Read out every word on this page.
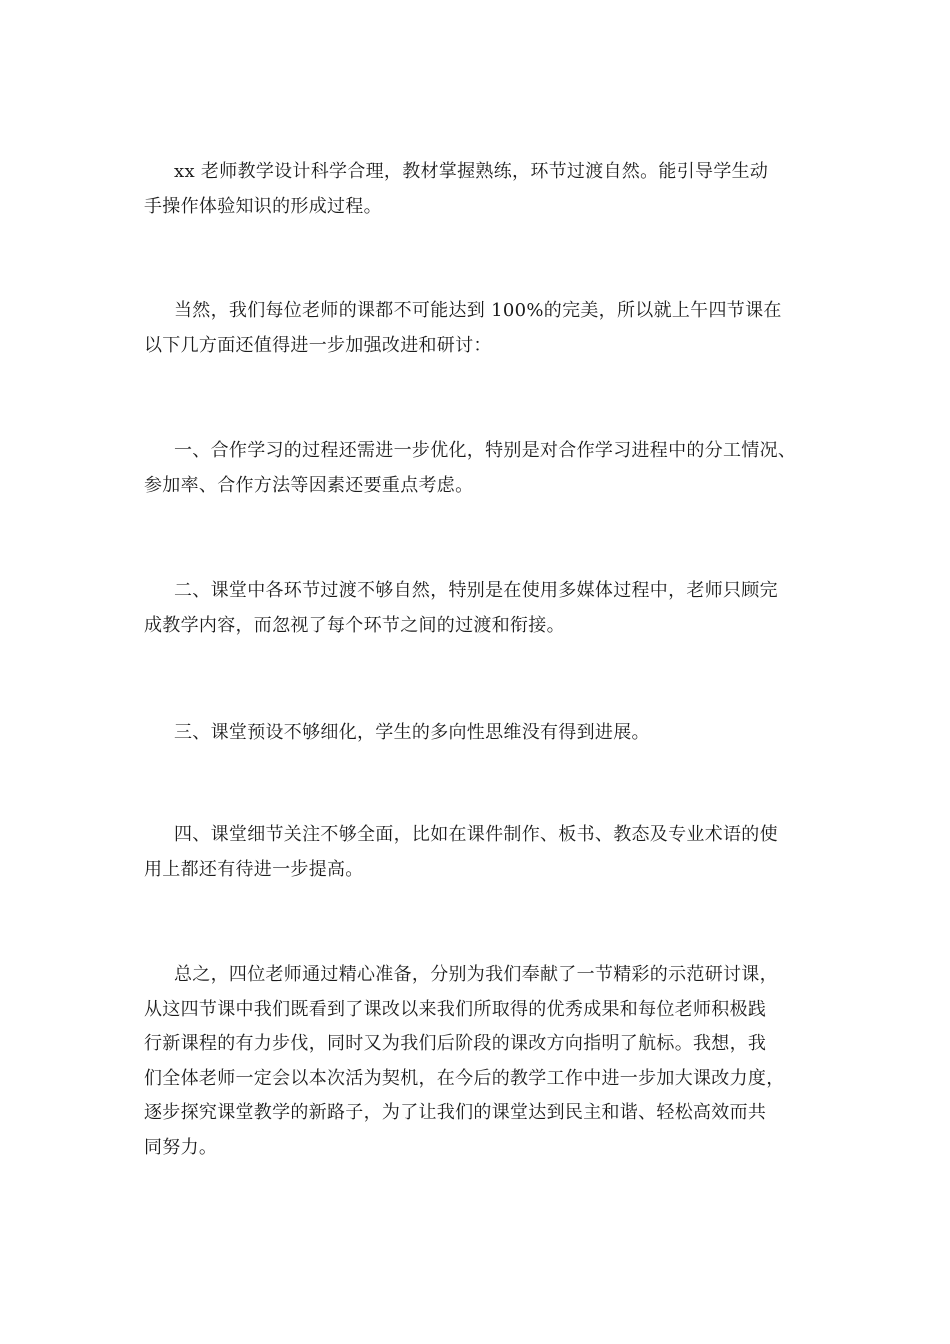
xx 老师教学设计科学合理，教材掌握熟练，环节过渡自然。能引导学生动
手操作体验知识的形成过程。
当然，我们每位老师的课都不可能达到 100%的完美，所以就上午四节课在
以下几方面还值得进一步加强改进和研讨：
一、合作学习的过程还需进一步优化，特别是对合作学习进程中的分工情况、
参加率、合作方法等因素还要重点考虑。
二、课堂中各环节过渡不够自然，特别是在使用多媒体过程中，老师只顾完
成教学内容，而忽视了每个环节之间的过渡和衔接。
三、课堂预设不够细化，学生的多向性思维没有得到进展。
四、课堂细节关注不够全面，比如在课件制作、板书、教态及专业术语的使
用上都还有待进一步提高。
总之，四位老师通过精心准备，分别为我们奉献了一节精彩的示范研讨课，
从这四节课中我们既看到了课改以来我们所取得的优秀成果和每位老师积极践
行新课程的有力步伐，同时又为我们后阶段的课改方向指明了航标。我想，我
们全体老师一定会以本次活为契机，在今后的教学工作中进一步加大课改力度，
逐步探究课堂教学的新路子，为了让我们的课堂达到民主和谐、轻松高效而共
同努力。
